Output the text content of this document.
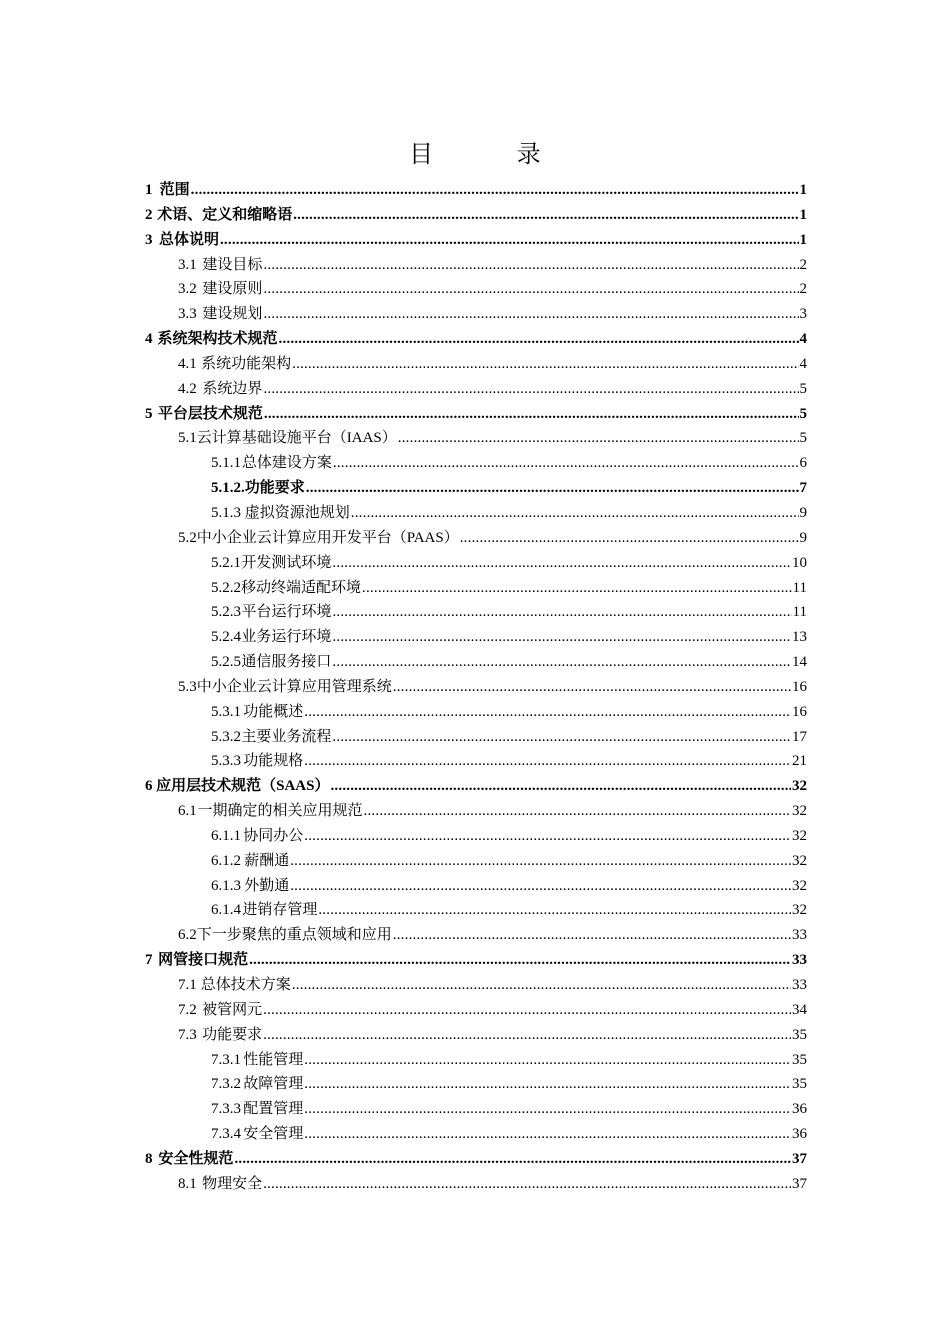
目 录
1 范围 .....	1
2 术语、定义和缩略语 .....	1
3 总体说明 .....	1
3.1 建设目标 .....	2
3.2 建设原则 .....	2
3.3 建设规划 .....	3
4 系统架构技术规范 .....	4
4.1 系统功能架构 .....	4
4.2 系统边界 .....	5
5 平台层技术规范 .....	5
5.1 云计算基础设施平台（IAAS） .....	5
5.1.1 总体建设方案 .....	6
5.1.2.功能要求 .....	7
5.1.3 虚拟资源池规划 .....	9
5.2 中小企业云计算应用开发平台（PAAS） .....	9
5.2.1 开发测试环境 .....	10
5.2.2 移动终端适配环境 .....	11
5.2.3 平台运行环境 .....	11
5.2.4 业务运行环境 .....	13
5.2.5 通信服务接口 .....	14
5.3 中小企业云计算应用管理系统 .....	16
5.3.1 功能概述 .....	16
5.3.2 主要业务流程 .....	17
5.3.3 功能规格 .....	21
6 应用层技术规范（SAAS） .....	32
6.1 一期确定的相关应用规范 .....	32
6.1.1 协同办公 .....	32
6.1.2 薪酬通 .....	32
6.1.3 外勤通 .....	32
6.1.4 进销存管理 .....	32
6.2 下一步聚焦的重点领域和应用 .....	33
7 网管接口规范 .....	33
7.1 总体技术方案 .....	33
7.2 被管网元 .....	34
7.3 功能要求 .....	35
7.3.1 性能管理 .....	35
7.3.2 故障管理 .....	35
7.3.3 配置管理 .....	36
7.3.4 安全管理 .....	36
8 安全性规范 .....	37
8.1 物理安全 .....	37
